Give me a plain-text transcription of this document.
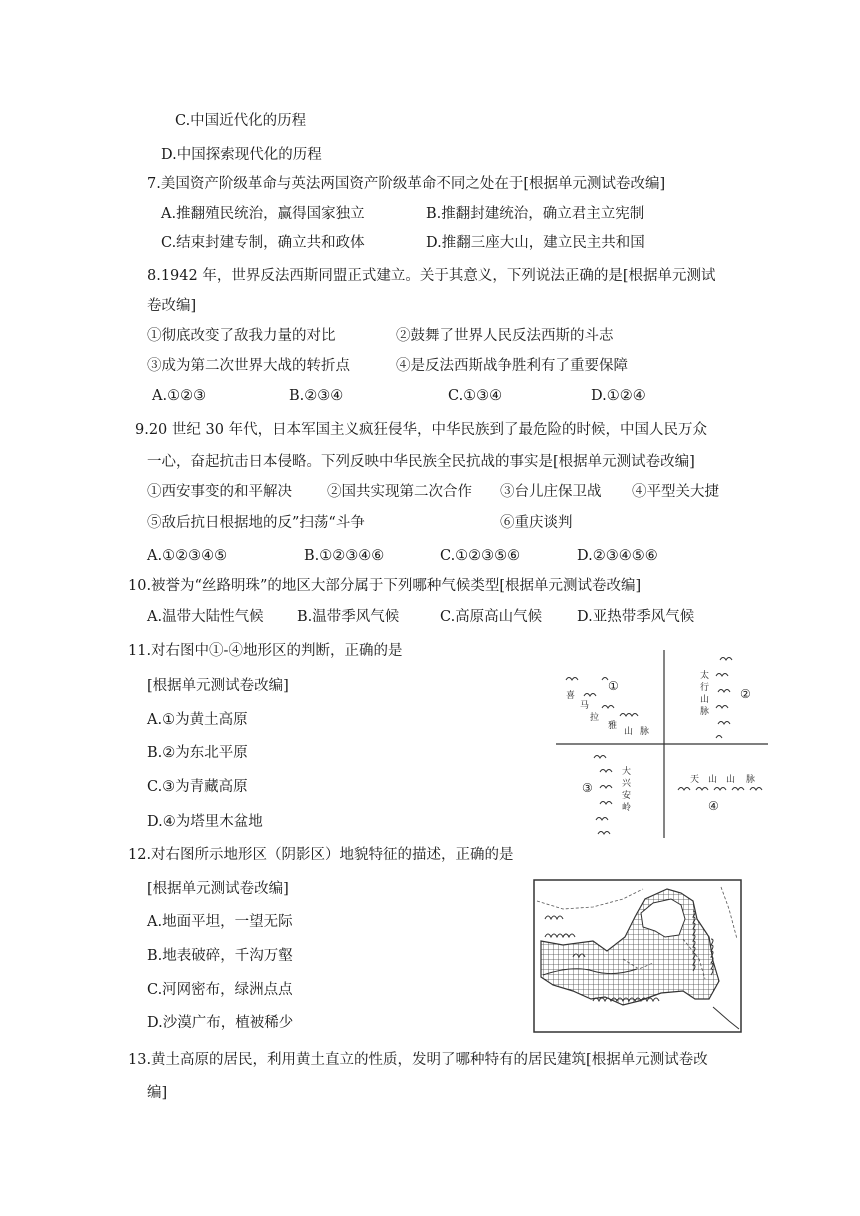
C.中国近代化的历程
D.中国探索现代化的历程
7.美国资产阶级革命与英法两国资产阶级革命不同之处在于[根据单元测试卷改编]
A.推翻殖民统治，赢得国家独立	B.推翻封建统治，确立君主立宪制
C.结束封建专制，确立共和政体	D.推翻三座大山，建立民主共和国
8.1942 年，世界反法西斯同盟正式建立。关于其意义，下列说法正确的是[根据单元测试
卷改编]
①彻底改变了敌我力量的对比	②鼓舞了世界人民反法西斯的斗志
③成为第二次世界大战的转折点	④是反法西斯战争胜利有了重要保障
A.①②③	B.②③④	C.①③④	D.①②④
9.20 世纪 30 年代，日本军国主义疯狂侵华，中华民族到了最危险的时候，中国人民万众
一心，奋起抗击日本侵略。下列反映中华民族全民抗战的事实是[根据单元测试卷改编]
①西安事变的和平解决 ②国共实现第二次合作 ③台儿庄保卫战 ④平型关大捷
⑤敌后抗日根据地的反”扫荡“斗争	⑥重庆谈判
A.①②③④⑤	B.①②③④⑥	C.①②③⑤⑥	D.②③④⑤⑥
10.被誉为“丝路明珠”的地区大部分属于下列哪种气候类型[根据单元测试卷改编]
A.温带大陆性气候 B.温带季风气候	C.高原高山气候 D.亚热带季风气候
11.对右图中①-④地形区的判断，正确的是
[根据单元测试卷改编]
A.①为黄土高原
B.②为东北平原
C.③为青藏高原
D.④为塔里木盆地
喜
马
拉
雅
山 脉
太
行
山
脉
大
兴
安
岭
天 山 山 脉
①
②
③
④
12.对右图所示地形区（阴影区）地貌特征的描述，正确的是
[根据单元测试卷改编]
A.地面平坦，一望无际
B.地表破碎，千沟万壑
C.河网密布，绿洲点点
D.沙漠广布，植被稀少
13.黄土高原的居民，利用黄土直立的性质，发明了哪种特有的居民建筑[根据单元测试卷改
编]
